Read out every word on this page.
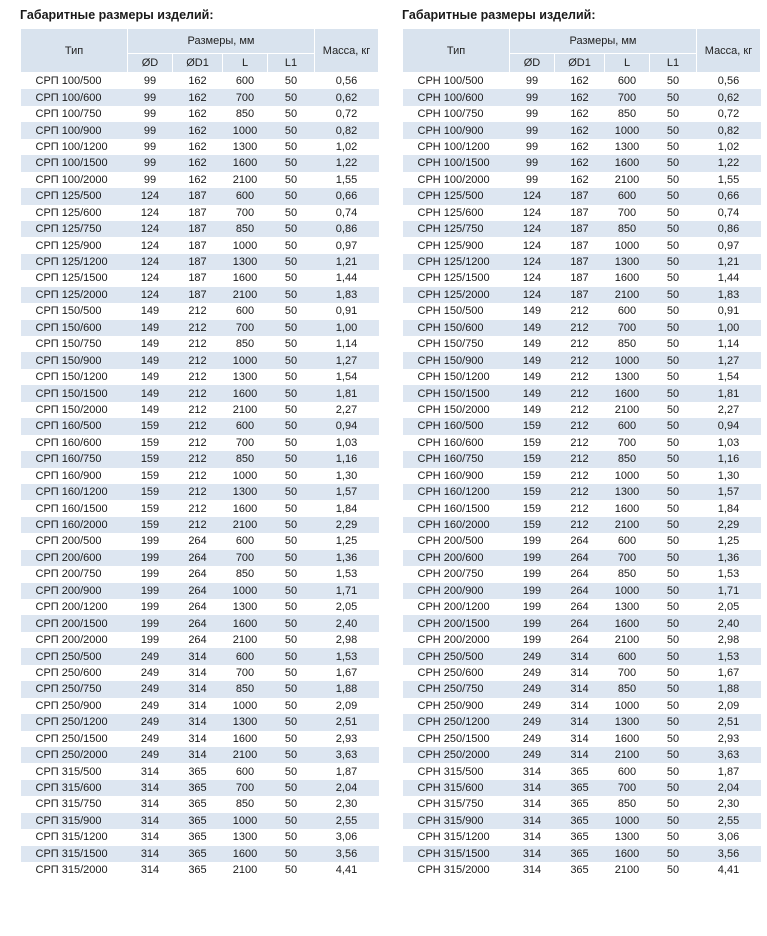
Габаритные размеры изделий:
Тип	Размеры, мм				Масса, кг
	ØD	ØD1	L	L1	
СРП 100/500	99	162	600	50	0,56
СРП 100/600	99	162	700	50	0,62
СРП 100/750	99	162	850	50	0,72
СРП 100/900	99	162	1000	50	0,82
СРП 100/1200	99	162	1300	50	1,02
СРП 100/1500	99	162	1600	50	1,22
СРП 100/2000	99	162	2100	50	1,55
СРП 125/500	124	187	600	50	0,66
СРП 125/600	124	187	700	50	0,74
СРП 125/750	124	187	850	50	0,86
СРП 125/900	124	187	1000	50	0,97
СРП 125/1200	124	187	1300	50	1,21
СРП 125/1500	124	187	1600	50	1,44
СРП 125/2000	124	187	2100	50	1,83
СРП 150/500	149	212	600	50	0,91
СРП 150/600	149	212	700	50	1,00
СРП 150/750	149	212	850	50	1,14
СРП 150/900	149	212	1000	50	1,27
СРП 150/1200	149	212	1300	50	1,54
СРП 150/1500	149	212	1600	50	1,81
СРП 150/2000	149	212	2100	50	2,27
СРП 160/500	159	212	600	50	0,94
СРП 160/600	159	212	700	50	1,03
СРП 160/750	159	212	850	50	1,16
СРП 160/900	159	212	1000	50	1,30
СРП 160/1200	159	212	1300	50	1,57
СРП 160/1500	159	212	1600	50	1,84
СРП 160/2000	159	212	2100	50	2,29
СРП 200/500	199	264	600	50	1,25
СРП 200/600	199	264	700	50	1,36
СРП 200/750	199	264	850	50	1,53
СРП 200/900	199	264	1000	50	1,71
СРП 200/1200	199	264	1300	50	2,05
СРП 200/1500	199	264	1600	50	2,40
СРП 200/2000	199	264	2100	50	2,98
СРП 250/500	249	314	600	50	1,53
СРП 250/600	249	314	700	50	1,67
СРП 250/750	249	314	850	50	1,88
СРП 250/900	249	314	1000	50	2,09
СРП 250/1200	249	314	1300	50	2,51
СРП 250/1500	249	314	1600	50	2,93
СРП 250/2000	249	314	2100	50	3,63
СРП 315/500	314	365	600	50	1,87
СРП 315/600	314	365	700	50	2,04
СРП 315/750	314	365	850	50	2,30
СРП 315/900	314	365	1000	50	2,55
СРП 315/1200	314	365	1300	50	3,06
СРП 315/1500	314	365	1600	50	3,56
СРП 315/2000	314	365	2100	50	4,41
Габаритные размеры изделий:
Тип	Размеры, мм				Масса, кг
	ØD	ØD1	L	L1	
СРН 100/500	99	162	600	50	0,56
СРН 100/600	99	162	700	50	0,62
СРН 100/750	99	162	850	50	0,72
СРН 100/900	99	162	1000	50	0,82
СРН 100/1200	99	162	1300	50	1,02
СРН 100/1500	99	162	1600	50	1,22
СРН 100/2000	99	162	2100	50	1,55
СРН 125/500	124	187	600	50	0,66
СРН 125/600	124	187	700	50	0,74
СРН 125/750	124	187	850	50	0,86
СРН 125/900	124	187	1000	50	0,97
СРН 125/1200	124	187	1300	50	1,21
СРН 125/1500	124	187	1600	50	1,44
СРН 125/2000	124	187	2100	50	1,83
СРН 150/500	149	212	600	50	0,91
СРН 150/600	149	212	700	50	1,00
СРН 150/750	149	212	850	50	1,14
СРН 150/900	149	212	1000	50	1,27
СРН 150/1200	149	212	1300	50	1,54
СРН 150/1500	149	212	1600	50	1,81
СРН 150/2000	149	212	2100	50	2,27
СРН 160/500	159	212	600	50	0,94
СРН 160/600	159	212	700	50	1,03
СРН 160/750	159	212	850	50	1,16
СРН 160/900	159	212	1000	50	1,30
СРН 160/1200	159	212	1300	50	1,57
СРН 160/1500	159	212	1600	50	1,84
СРН 160/2000	159	212	2100	50	2,29
СРН 200/500	199	264	600	50	1,25
СРН 200/600	199	264	700	50	1,36
СРН 200/750	199	264	850	50	1,53
СРН 200/900	199	264	1000	50	1,71
СРН 200/1200	199	264	1300	50	2,05
СРН 200/1500	199	264	1600	50	2,40
СРН 200/2000	199	264	2100	50	2,98
СРН 250/500	249	314	600	50	1,53
СРН 250/600	249	314	700	50	1,67
СРН 250/750	249	314	850	50	1,88
СРН 250/900	249	314	1000	50	2,09
СРН 250/1200	249	314	1300	50	2,51
СРН 250/1500	249	314	1600	50	2,93
СРН 250/2000	249	314	2100	50	3,63
СРН 315/500	314	365	600	50	1,87
СРН 315/600	314	365	700	50	2,04
СРН 315/750	314	365	850	50	2,30
СРН 315/900	314	365	1000	50	2,55
СРН 315/1200	314	365	1300	50	3,06
СРН 315/1500	314	365	1600	50	3,56
СРН 315/2000	314	365	2100	50	4,41
